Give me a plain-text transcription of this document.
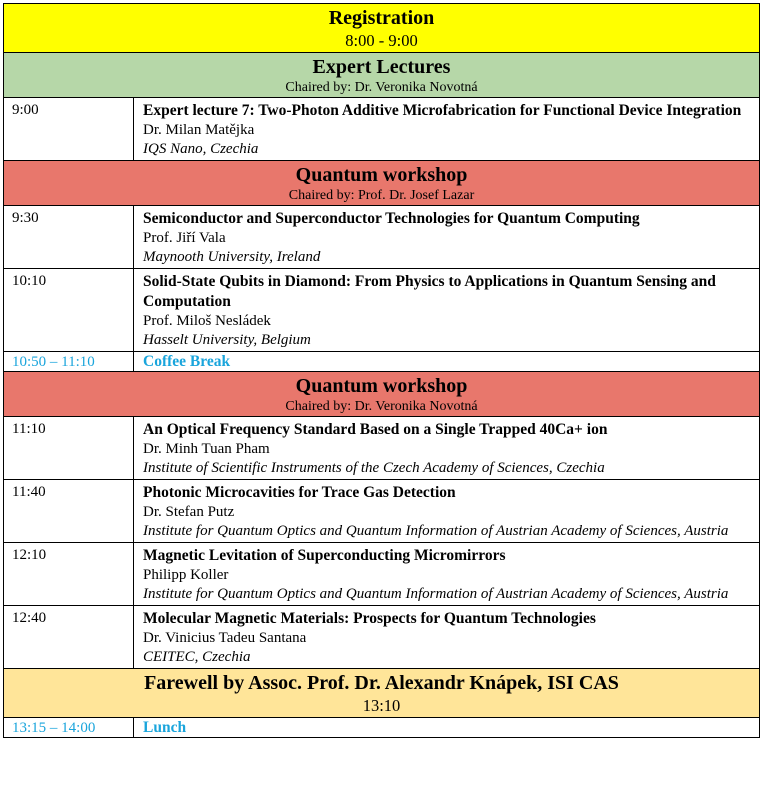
Registration
8:00 - 9:00	

Expert Lectures
Chaired by: Dr. Veronika Novotná	

9:00	Expert lecture 7: Two-Photon Additive Microfabrication for Functional Device Integration
Dr. Milan Matějka
IQS Nano, Czechia

Quantum workshop
Chaired by: Prof. Dr. Josef Lazar	

9:30	Semiconductor and Superconductor Technologies for Quantum Computing
Prof. Jiří Vala
Maynooth University, Ireland

10:10	Solid-State Qubits in Diamond: From Physics to Applications in Quantum Sensing and Computation
Prof. Miloš Nesládek
Hasselt University, Belgium

10:50 – 11:10	Coffee Break

Quantum workshop
Chaired by: Dr. Veronika Novotná	

11:10	An Optical Frequency Standard Based on a Single Trapped 40Ca+ ion
Dr. Minh Tuan Pham
Institute of Scientific Instruments of the Czech Academy of Sciences, Czechia

11:40	Photonic Microcavities for Trace Gas Detection
Dr. Stefan Putz
Institute for Quantum Optics and Quantum Information of Austrian Academy of Sciences, Austria

12:10	Magnetic Levitation of Superconducting Micromirrors
Philipp Koller
Institute for Quantum Optics and Quantum Information of Austrian Academy of Sciences, Austria

12:40	Molecular Magnetic Materials: Prospects for Quantum Technologies
Dr. Vinicius Tadeu Santana
CEITEC, Czechia

Farewell by Assoc. Prof. Dr. Alexandr Knápek, ISI CAS
13:10	

13:15 – 14:00	Lunch
